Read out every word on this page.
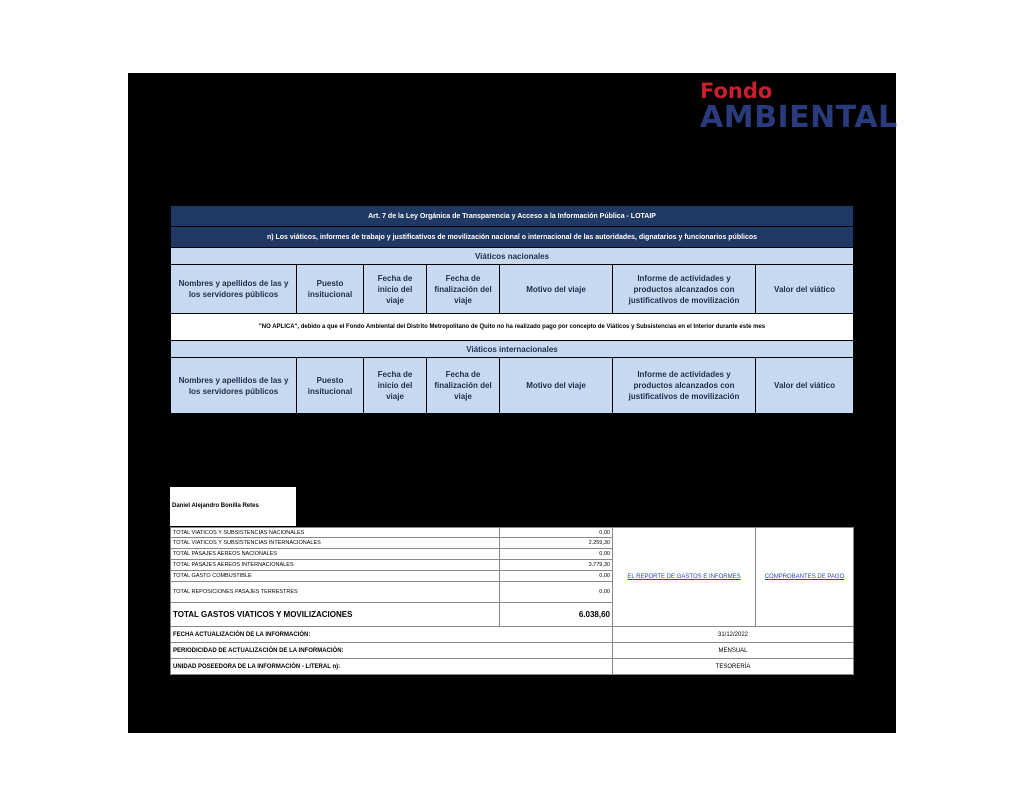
Fondo
AMBIENTAL
Art. 7 de la Ley Orgánica de Transparencia y Acceso a la Información Pública - LOTAIP						
n) Los viáticos, informes de trabajo y justificativos de movilización nacional o internacional de las autoridades, dignatarios y funcionarios públicos						
Viáticos nacionales						
Nombres y apellidos de las y los servidores públicos	Puesto insitucional	Fecha de inicio del viaje	Fecha de finalización del viaje	Motivo del viaje	Informe de actividades y productos alcanzados con justificativos de movilización	Valor del viático
"NO APLICA", debido a que el Fondo Ambiental del Distrito Metropolitano de Quito no ha realizado pago por concepto de Viáticos y Subsistencias en el Interior durante este mes						
Viáticos internacionales						
Nombres y apellidos de las y los servidores públicos	Puesto insitucional	Fecha de inicio del viaje	Fecha de finalización del viaje	Motivo del viaje	Informe de actividades y productos alcanzados con justificativos de movilización	Valor del viático
Daniel Alejandro Bonilla Retes
TOTAL VIATICOS Y SUBSISTENCIAS NACIONALES	0,00	EL REPORTE DE GASTOS E INFORMES	COMPROBANTES DE PAGO
TOTAL VIATICOS Y SUBSISTENCIAS INTERNACIONALES	2.259,30		
TOTAL PASAJES AEREOS NACIONALES	0,00		
TOTAL PASAJES AEREOS INTERNACIONALES	3.779,30		
TOTAL GASTO COMBUSTIBLE	0,00		
TOTAL REPOSICIONES PASAJES TERRESTRES	0,00		
TOTAL GASTOS VIATICOS Y MOVILIZACIONES	6.038,60		
FECHA ACTUALIZACIÓN DE LA INFORMACIÓN:		31/12/2022	
PERIODICIDAD DE ACTUALIZACIÓN DE LA INFORMACIÓN:		MENSUAL	
UNIDAD POSEEDORA DE LA INFORMACIÓN - LITERAL n):		TESORERÍA	
